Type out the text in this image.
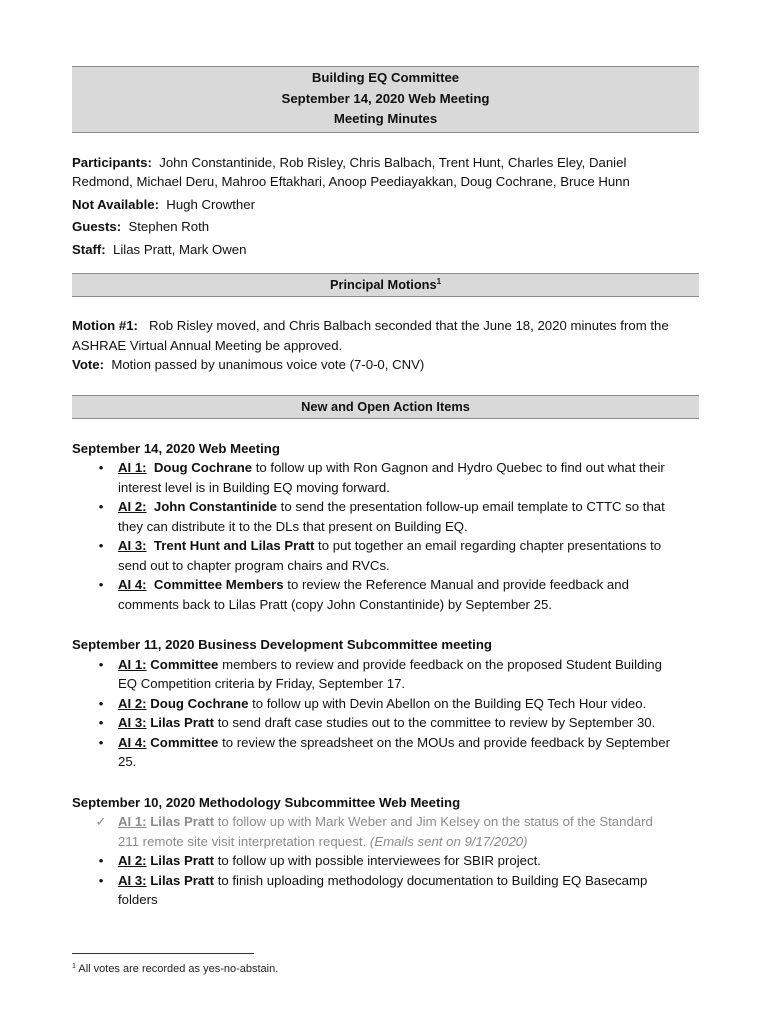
Building EQ Committee
September 14, 2020 Web Meeting
Meeting Minutes

Participants: John Constantinide, Rob Risley, Chris Balbach, Trent Hunt, Charles Eley, Daniel
Redmond, Michael Deru, Mahroo Eftakhari, Anoop Peediayakkan, Doug Cochrane, Bruce Hunn

Not Available: Hugh Crowther

Guests: Stephen Roth

Staff: Lilas Pratt, Mark Owen

Principal Motions$^1$

Motion #1: Rob Risley moved, and Chris Balbach seconded that the June 18, 2020 minutes from the
ASHRAE Virtual Annual Meeting be approved.

Vote: Motion passed by unanimous voice vote (7-0-0, CNV)

New and Open Action Items

September 14, 2020 Web Meeting

•	AI 1: Doug Cochrane to follow up with Ron Gagnon and Hydro Quebec to find out what their
interest level is in Building EQ moving forward.
•	AI 2: John Constantinide to send the presentation follow-up email template to CTTC so that
they can distribute it to the DLs that present on Building EQ.
•	AI 3: Trent Hunt and Lilas Pratt to put together an email regarding chapter presentations to
send out to chapter program chairs and RVCs.
•	AI 4: Committee Members to review the Reference Manual and provide feedback and
comments back to Lilas Pratt (copy John Constantinide) by September 25.

September 11, 2020 Business Development Subcommittee meeting

•	AI 1: Committee members to review and provide feedback on the proposed Student Building
EQ Competition criteria by Friday, September 17.
•	AI 2: Doug Cochrane to follow up with Devin Abellon on the Building EQ Tech Hour video.
•	AI 3: Lilas Pratt to send draft case studies out to the committee to review by September 30.
•	AI 4: Committee to review the spreadsheet on the MOUs and provide feedback by September
25.

September 10, 2020 Methodology Subcommittee Web Meeting

✓ AI 1: Lilas Pratt to follow up with Mark Weber and Jim Kelsey on the status of the Standard
211 remote site visit interpretation request. (Emails sent on 9/17/2020)
•	AI 2: Lilas Pratt to follow up with possible interviewees for SBIR project.
•	AI 3: Lilas Pratt to finish uploading methodology documentation to Building EQ Basecamp
folders
$^1$ All votes are recorded as yes-no-abstain.
